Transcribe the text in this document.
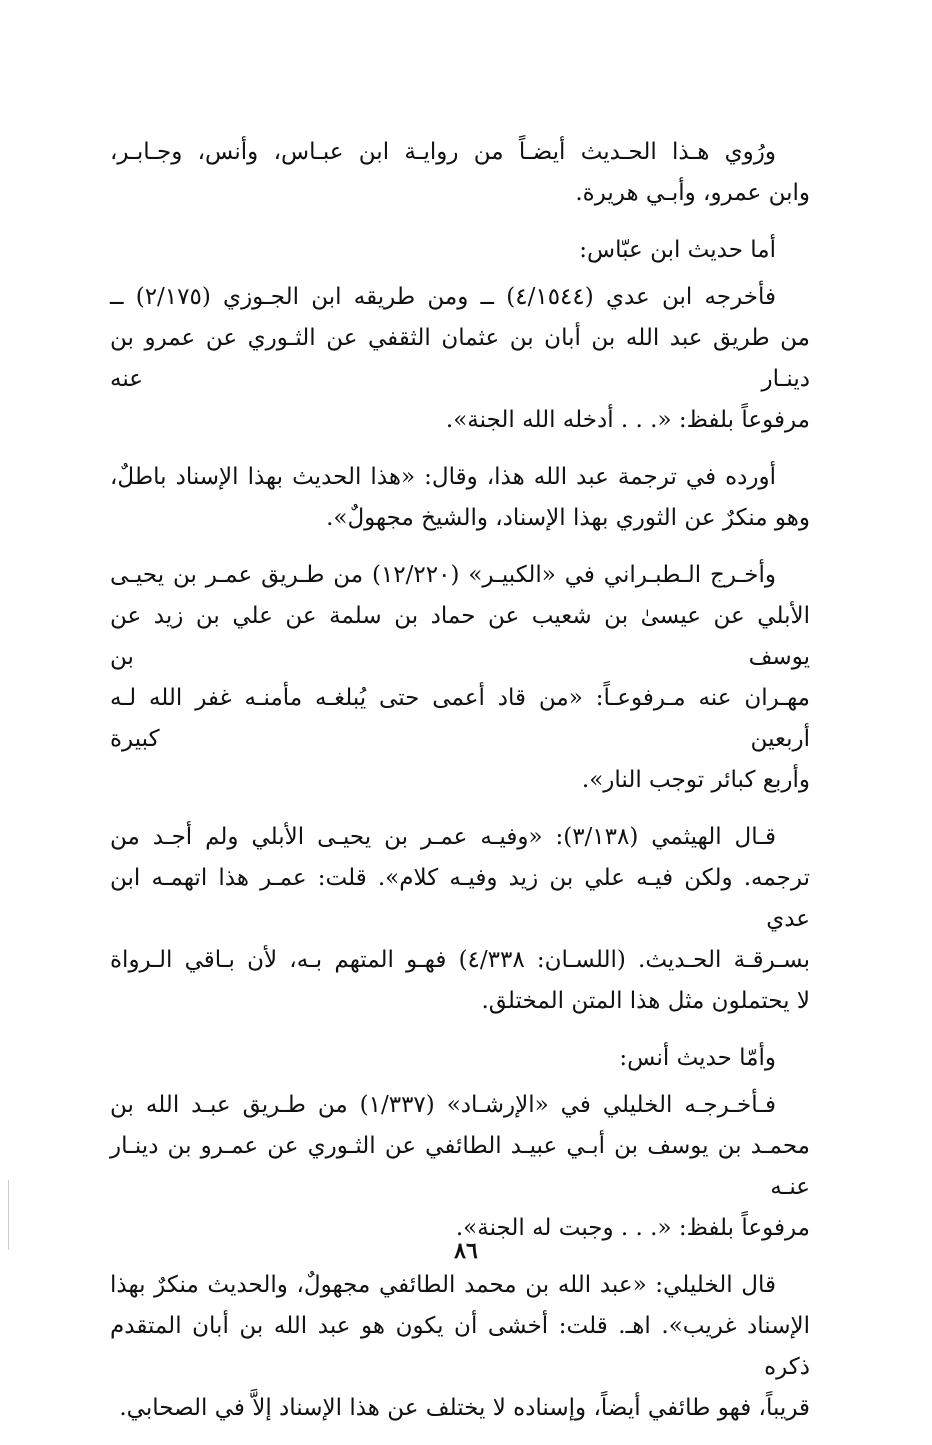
ورُوي هـذا الحـديث أيضـاً من روايـة ابن عبـاس، وأنس، وجـابـر،
وابن عمرو، وأبـي هريرة.

أما حديث ابن عبّاس:

فأخرجه ابن عدي (٤/١٥٤٤) ــ ومن طريقه ابن الجـوزي (٢/١٧٥) ــ
من طريق عبد الله بن أبان بن عثمان الثقفي عن الثـوري عن عمرو بن دينـار عنه
مرفوعاً بلفظ: «. . . أدخله الله الجنة».

أورده في ترجمة عبد الله هذا، وقال: «هذا الحديث بهذا الإسناد باطلٌ،
وهو منكرٌ عن الثوري بهذا الإسناد، والشيخ مجهولٌ».

وأخـرج الـطبـراني في «الكبيـر» (١٢/٢٢٠) من طـريق عمـر بن يحيـى
الأبلي عن عيسىٰ بن شعيب عن حماد بن سلمة عن علي بن زيد عن يوسف بن
مهـران عنه مـرفوعـاً: «من قاد أعمى حتى يُبلغـه مأمنـه غفر الله لـه أربعين كبيرة
وأربع كبائر توجب النار».

قـال الهيثمي (٣/١٣٨): «وفيـه عمـر بن يحيـى الأبلي ولم أجـد من
ترجمه. ولكن فيـه علي بن زيد وفيـه كلام». قلت: عمـر هذا اتهمـه ابن عدي
بسـرقـة الحـديث. (اللسـان: ٤/٣٣٨) فهـو المتهم بـه، لأن بـاقي الـرواة
لا يحتملون مثل هذا المتن المختلق.

وأمّا حديث أنس:

فـأخـرجـه الخليلي في «الإرشـاد» (١/٣٣٧) من طـريق عبـد الله بن
محمـد بن يوسف بن أبـي عبيـد الطائفي عن الثـوري عن عمـرو بن دينـار عنـه
مرفوعاً بلفظ: «. . . وجبت له الجنة».

قال الخليلي: «عبد الله بن محمد الطائفي مجهولٌ، والحديث منكرٌ بهذا
الإسناد غريب». اهـ. قلت: أخشى أن يكون هو عبد الله بن أبان المتقدم ذكره
قريباً، فهو طائفي أيضاً، وإسناده لا يختلف عن هذا الإسناد إلاَّ في الصحابي.

٨٦
